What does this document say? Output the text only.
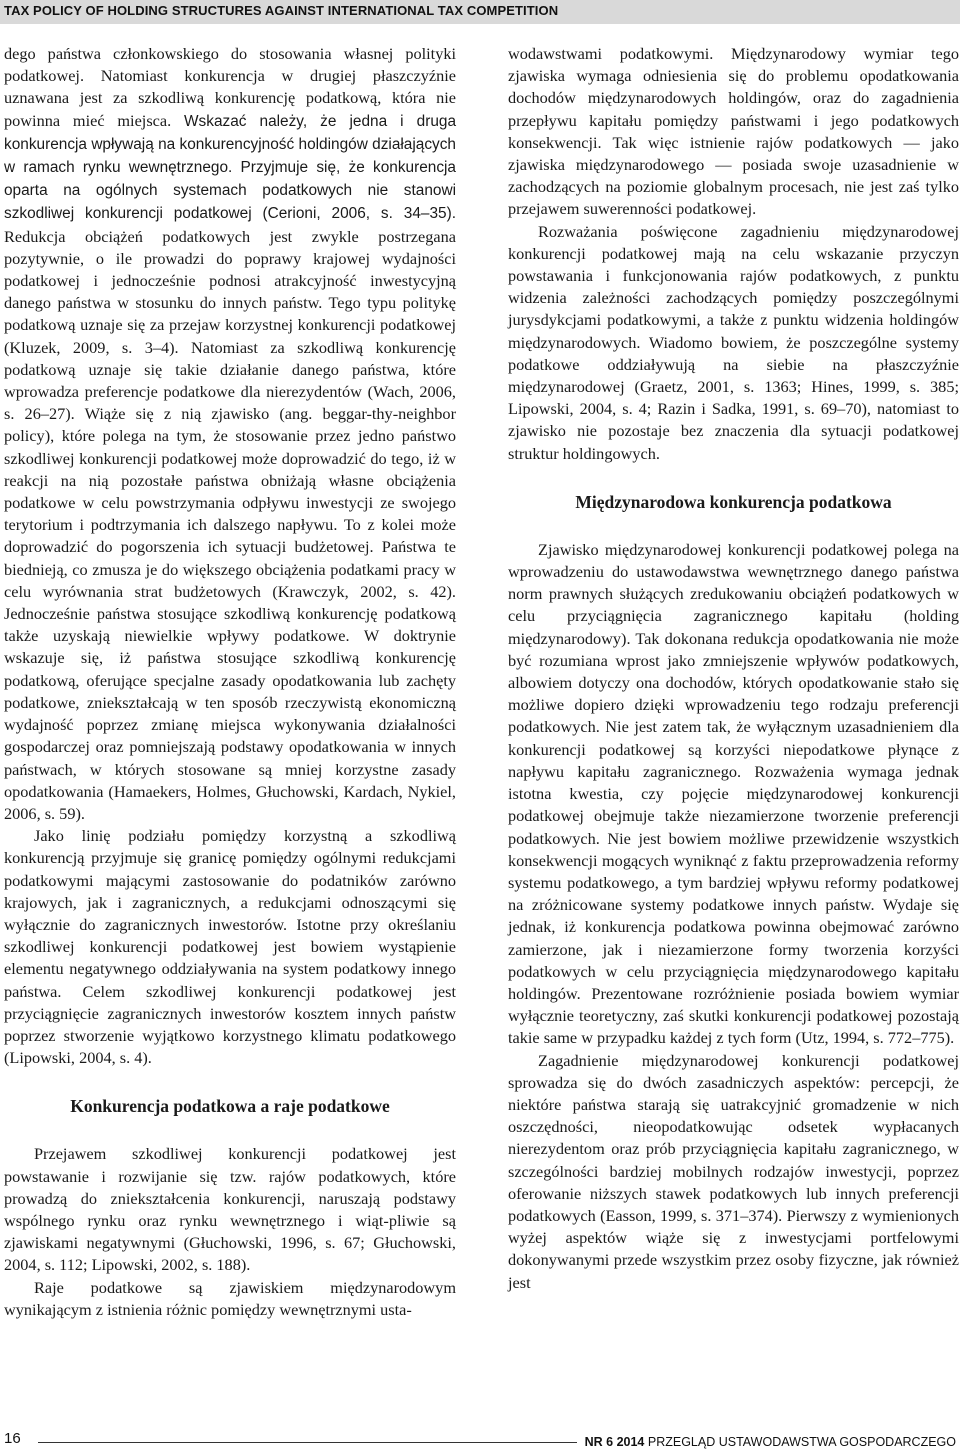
TAX POLICY OF HOLDING STRUCTURES AGAINST INTERNATIONAL TAX COMPETITION

dego państwa członkowskiego do stosowania własnej polityki podatkowej. Natomiast konkurencja w drugiej płaszczyźnie uznawana jest za szkodliwą konkurencję podatkową, która nie powinna mieć miejsca. Wskazać należy, że jedna i druga konkurencja wpływają na konkurencyjność holdingów działających w ramach rynku wewnętrznego. Przyjmuje się, że konkurencja oparta na ogólnych systemach podatkowych nie stanowi szkodliwej konkurencji podatkowej (Cerioni, 2006, s. 34–35). Redukcja obciążeń podatkowych jest zwykle postrzegana pozytywnie, o ile prowadzi do poprawy krajowej wydajności podatkowej i jednocześnie podnosi atrakcyjność inwestycyjną danego państwa w stosunku do innych państw. Tego typu politykę podatkową uznaje się za przejaw korzystnej konkurencji podatkowej (Kluzek, 2009, s. 3–4). Natomiast za szkodliwą konkurencję podatkową uznaje się takie działanie danego państwa, które wprowadza preferencje podatkowe dla nierezydentów (Wach, 2006, s. 26–27). Wiąże się z nią zjawisko (ang. beggar-thy-neighbor policy), które polega na tym, że stosowanie przez jedno państwo szkodliwej konkurencji podatkowej może doprowadzić do tego, iż w reakcji na nią pozostałe państwa obniżają własne obciążenia podatkowe w celu powstrzymania odpływu inwestycji ze swojego terytorium i podtrzymania ich dalszego napływu. To z kolei może doprowadzić do pogorszenia ich sytuacji budżetowej. Państwa te biednieją, co zmusza je do większego obciążenia podatkami pracy w celu wyrównania strat budżetowych (Krawczyk, 2002, s. 42). Jednocześnie państwa stosujące szkodliwą konkurencję podatkową także uzyskają niewielkie wpływy podatkowe. W doktrynie wskazuje się, iż państwa stosujące szkodliwą konkurencję podatkową, oferujące specjalne zasady opodatkowania lub zachęty podatkowe, zniekształcają w ten sposób rzeczywistą ekonomiczną wydajność poprzez zmianę miejsca wykonywania działalności gospodarczej oraz pomniejszają podstawy opodatkowania w innych państwach, w których stosowane są mniej korzystne zasady opodatkowania (Hamaekers, Holmes, Głuchowski, Kardach, Nykiel, 2006, s. 59).

Jako linię podziału pomiędzy korzystną a szkodliwą konkurencją przyjmuje się granicę pomiędzy ogólnymi redukcjami podatkowymi mającymi zastosowanie do podatników zarówno krajowych, jak i zagranicznych, a redukcjami odnoszącymi się wyłącznie do zagranicznych inwestorów. Istotne przy określaniu szkodliwej konkurencji podatkowej jest bowiem wystąpienie elementu negatywnego oddziaływania na system podatkowy innego państwa. Celem szkodliwej konkurencji podatkowej jest przyciągnięcie zagranicznych inwestorów kosztem innych państw poprzez stworzenie wyjątkowo korzystnego klimatu podatkowego (Lipowski, 2004, s. 4).

Konkurencja podatkowa a raje podatkowe

Przejawem szkodliwej konkurencji podatkowej jest powstawanie i rozwijanie się tzw. rajów podatkowych, które prowadzą do zniekształcenia konkurencji, naruszają podstawy wspólnego rynku oraz rynku wewnętrznego i wiąt-pliwie są zjawiskami negatywnymi (Głuchowski, 1996, s. 67; Głuchowski, 2004, s. 112; Lipowski, 2002, s. 188).

Raje podatkowe są zjawiskiem międzynarodowym wynikającym z istnienia różnic pomiędzy wewnętrznymi usta-

wodawstwami podatkowymi. Międzynarodowy wymiar tego zjawiska wymaga odniesienia się do problemu opodatkowania dochodów międzynarodowych holdingów, oraz do zagadnienia przepływu kapitału pomiędzy państwami i jego podatkowych konsekwencji. Tak więc istnienie rajów podatkowych — jako zjawiska międzynarodowego — posiada swoje uzasadnienie w zachodzących na poziomie globalnym procesach, nie jest zaś tylko przejawem suwerenności podatkowej.

Rozważania poświęcone zagadnieniu międzynarodowej konkurencji podatkowej mają na celu wskazanie przyczyn powstawania i funkcjonowania rajów podatkowych, z punktu widzenia zależności zachodzących pomiędzy poszczególnymi jurysdykcjami podatkowymi, a także z punktu widzenia holdingów międzynarodowych. Wiadomo bowiem, że poszczególne systemy podatkowe oddziaływują na siebie na płaszczyźnie międzynarodowej (Graetz, 2001, s. 1363; Hines, 1999, s. 385; Lipowski, 2004, s. 4; Razin i Sadka, 1991, s. 69–70), natomiast to zjawisko nie pozostaje bez znaczenia dla sytuacji podatkowej struktur holdingowych.

Międzynarodowa konkurencja podatkowa

Zjawisko międzynarodowej konkurencji podatkowej polega na wprowadzeniu do ustawodawstwa wewnętrznego danego państwa norm prawnych służących zredukowaniu obciążeń podatkowych w celu przyciągnięcia zagranicznego kapitału (holding międzynarodowy). Tak dokonana redukcja opodatkowania nie może być rozumiana wprost jako zmniejszenie wpływów podatkowych, albowiem dotyczy ona dochodów, których opodatkowanie stało się możliwe dopiero dzięki wprowadzeniu tego rodzaju preferencji podatkowych. Nie jest zatem tak, że wyłącznym uzasadnieniem dla konkurencji podatkowej są korzyści niepodatkowe płynące z napływu kapitału zagranicznego. Rozważenia wymaga jednak istotna kwestia, czy pojęcie międzynarodowej konkurencji podatkowej obejmuje także niezamierzone tworzenie preferencji podatkowych. Nie jest bowiem możliwe przewidzenie wszystkich konsekwencji mogących wyniknąć z faktu przeprowadzenia reformy systemu podatkowego, a tym bardziej wpływu reformy podatkowej na zróżnicowane systemy podatkowe innych państw. Wydaje się jednak, iż konkurencja podatkowa powinna obejmować zarówno zamierzone, jak i niezamierzone formy tworzenia korzyści podatkowych w celu przyciągnięcia międzynarodowego kapitału holdingów. Prezentowane rozróżnienie posiada bowiem wymiar wyłącznie teoretyczny, zaś skutki konkurencji podatkowej pozostają takie same w przypadku każdej z tych form (Utz, 1994, s. 772–775).

Zagadnienie międzynarodowej konkurencji podatkowej sprowadza się do dwóch zasadniczych aspektów: percepcji, że niektóre państwa starają się uatrakcyjnić gromadzenie w nich oszczędności, nieopodatkowując odsetek wypłacanych nierezydentom oraz prób przyciągnięcia kapitału zagranicznego, w szczególności bardziej mobilnych rodzajów inwestycji, poprzez oferowanie niższych stawek podatkowych lub innych preferencji podatkowych (Easson, 1999, s. 371–374). Pierwszy z wymienionych wyżej aspektów wiąże się z inwestycjami portfelowymi dokonywanymi przede wszystkim przez osoby fizyczne, jak również jest

16	NR 6 2014 PRZEGLĄD USTAWODAWSTWA GOSPODARCZEGO
